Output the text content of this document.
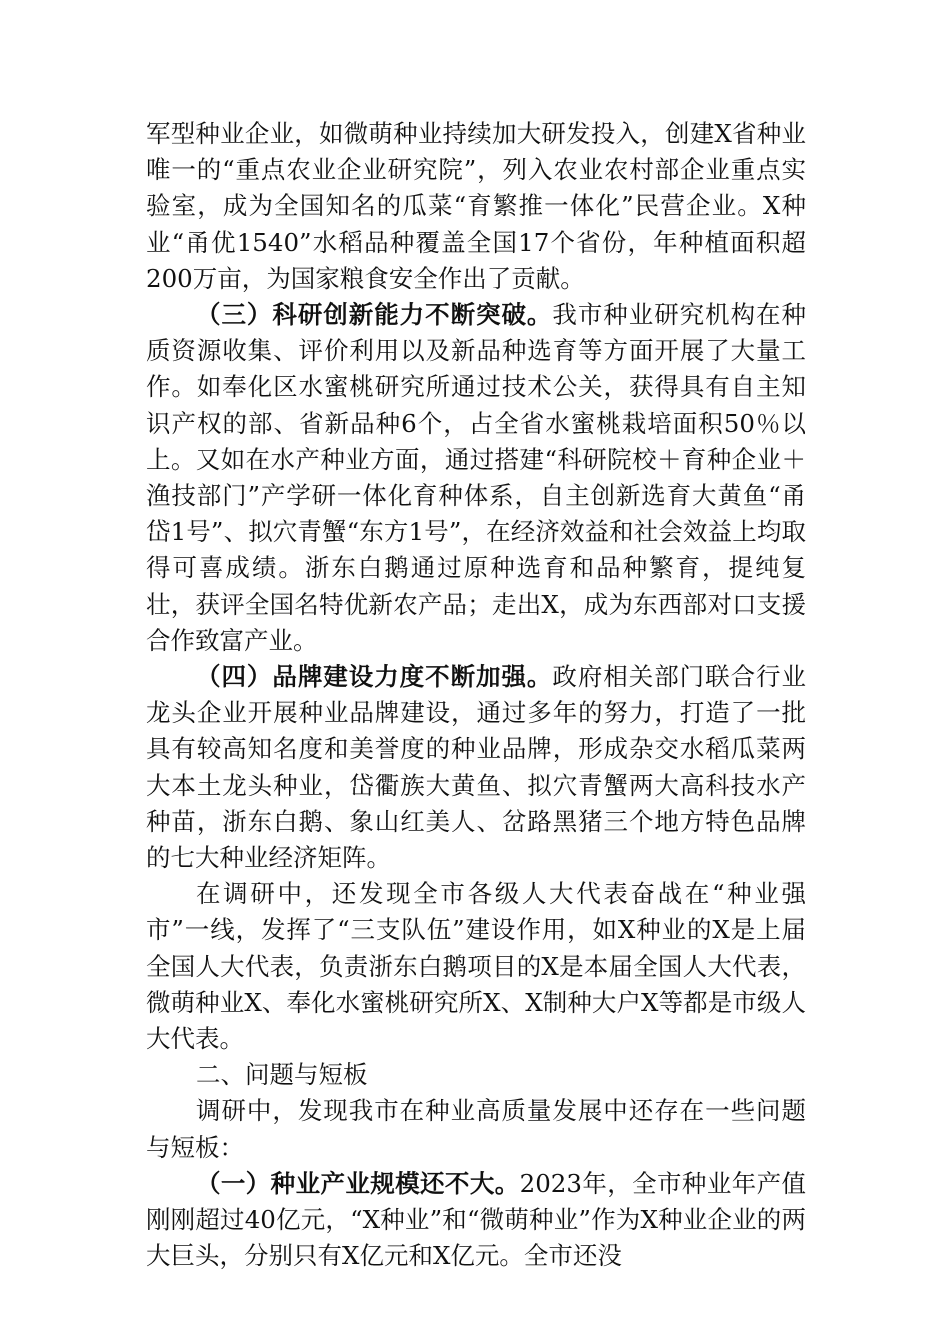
军型种业企业，如微萌种业持续加大研发投入，创建X省种业唯一的“重点农业企业研究院”，列入农业农村部企业重点实验室，成为全国知名的瓜菜“育繁推一体化”民营企业。X种业“甬优1540”水稻品种覆盖全国17个省份，年种植面积超200万亩，为国家粮食安全作出了贡献。

（三）科研创新能力不断突破。我市种业研究机构在种质资源收集、评价利用以及新品种选育等方面开展了大量工作。如奉化区水蜜桃研究所通过技术公关，获得具有自主知识产权的部、省新品种6个，占全省水蜜桃栽培面积50％以上。又如在水产种业方面，通过搭建“科研院校＋育种企业＋渔技部门”产学研一体化育种体系，自主创新选育大黄鱼“甬岱1号”、拟穴青蟹“东方1号”，在经济效益和社会效益上均取得可喜成绩。浙东白鹅通过原种选育和品种繁育，提纯复壮，获评全国名特优新农产品；走出X，成为东西部对口支援合作致富产业。

（四）品牌建设力度不断加强。政府相关部门联合行业龙头企业开展种业品牌建设，通过多年的努力，打造了一批具有较高知名度和美誉度的种业品牌，形成杂交水稻瓜菜两大本土龙头种业，岱衢族大黄鱼、拟穴青蟹两大高科技水产种苗，浙东白鹅、象山红美人、岔路黑猪三个地方特色品牌的七大种业经济矩阵。

在调研中，还发现全市各级人大代表奋战在“种业强市”一线，发挥了“三支队伍”建设作用，如X种业的X是上届全国人大代表，负责浙东白鹅项目的X是本届全国人大代表，微萌种业X、奉化水蜜桃研究所X、X制种大户X等都是市级人大代表。

二、问题与短板

调研中，发现我市在种业高质量发展中还存在一些问题与短板：

（一）种业产业规模还不大。2023年，全市种业年产值刚刚超过40亿元，“X种业”和“微萌种业”作为X种业企业的两大巨头，分别只有X亿元和X亿元。全市还没
